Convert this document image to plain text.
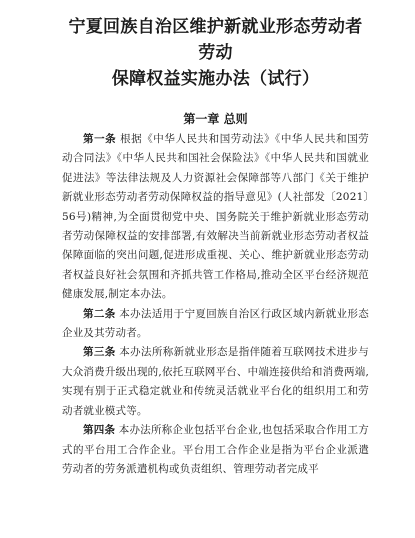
宁夏回族自治区维护新就业形态劳动者劳动
保障权益实施办法（试行）
第一章 总则

第一条 根据《中华人民共和国劳动法》《中华人民共和国劳动合同法》《中华人民共和国社会保险法》《中华人民共和国就业促进法》等法律法规及人力资源社会保障部等八部门《关于维护新就业形态劳动者劳动保障权益的指导意见》(人社部发〔2021〕56号)精神,为全面贯彻党中央、国务院关于维护新就业形态劳动者劳动保障权益的安排部署,有效解决当前新就业形态劳动者权益保障面临的突出问题,促进形成重视、关心、维护新就业形态劳动者权益良好社会氛围和齐抓共管工作格局,推动全区平台经济规范健康发展,制定本办法。

第二条 本办法适用于宁夏回族自治区行政区域内新就业形态企业及其劳动者。

第三条 本办法所称新就业形态是指伴随着互联网技术进步与大众消费升级出现的,依托互联网平台、中端连接供给和消费两端,实现有别于正式稳定就业和传统灵活就业平台化的组织用工和劳动者就业模式等。

第四条 本办法所称企业包括平台企业,也包括采取合作用工方式的平台用工合作企业。平台用工合作企业是指为平台企业派遣劳动者的劳务派遣机构或负责组织、管理劳动者完成平
